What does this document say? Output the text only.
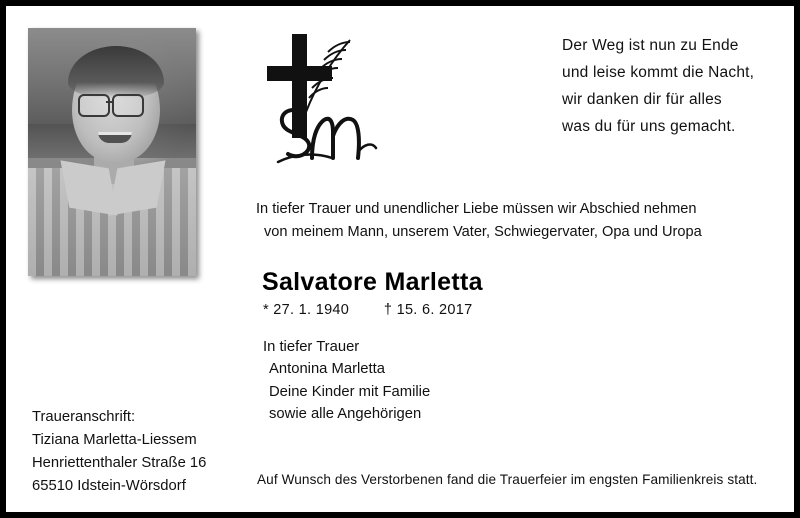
Der Weg ist nun zu Ende
und leise kommt die Nacht,
wir danken dir für alles
was du für uns gemacht.
In tiefer Trauer und unendlicher Liebe müssen wir Abschied nehmen
von meinem Mann, unserem Vater, Schwiegervater, Opa und Uropa
Salvatore Marletta
* 27. 1. 1940 † 15. 6. 2017
In tiefer Trauer
Antonina Marletta
Deine Kinder mit Familie
sowie alle Angehörigen
Traueranschrift:
Tiziana Marletta-Liessem
Henriettenthaler Straße 16
65510 Idstein-Wörsdorf	Auf Wunsch des Verstorbenen fand die Trauerfeier im engsten Familienkreis statt.
